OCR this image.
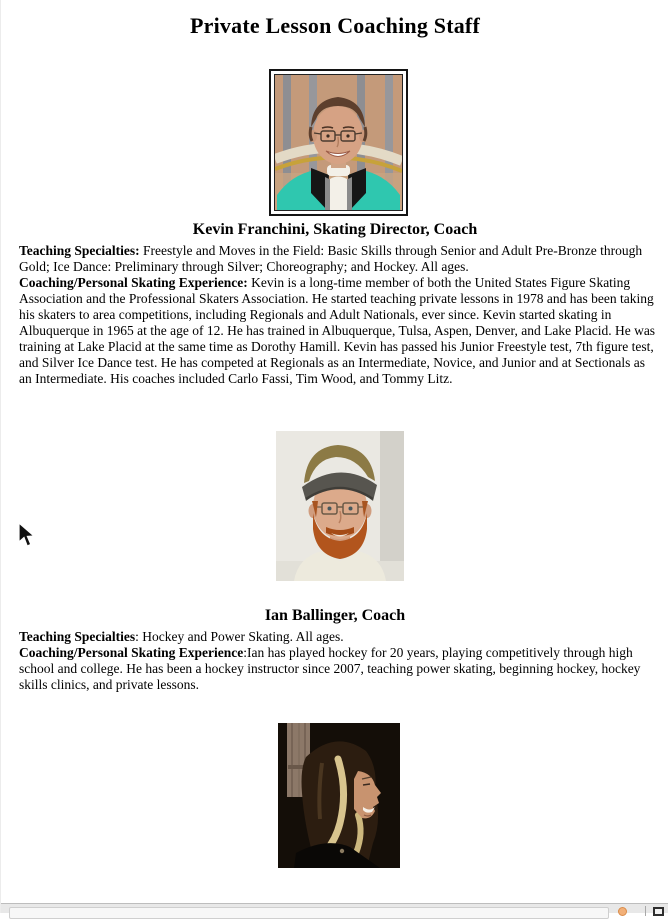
Private Lesson Coaching Staff
Kevin Franchini, Skating Director, Coach

Teaching Specialties: Freestyle and Moves in the Field: Basic Skills through Senior and Adult Pre-Bronze through Gold; Ice Dance: Preliminary through Silver; Choreography; and Hockey. All ages.

Coaching/Personal Skating Experience: Kevin is a long-time member of both the United States Figure Skating Association and the Professional Skaters Association. He started teaching private lessons in 1978 and has been taking his skaters to area competitions, including Regionals and Adult Nationals, ever since. Kevin started skating in Albuquerque in 1965 at the age of 12. He has trained in Albuquerque, Tulsa, Aspen, Denver, and Lake Placid. He was training at Lake Placid at the same time as Dorothy Hamill. Kevin has passed his Junior Freestyle test, 7th figure test, and Silver Ice Dance test. He has competed at Regionals as an Intermediate, Novice, and Junior and at Sectionals as an Intermediate. His coaches included Carlo Fassi, Tim Wood, and Tommy Litz.

Ian Ballinger, Coach

Teaching Specialties: Hockey and Power Skating. All ages.

Coaching/Personal Skating Experience:Ian has played hockey for 20 years, playing competitively through high school and college. He has been a hockey instructor since 2007, teaching power skating, beginning hockey, hockey skills clinics, and private lessons.
